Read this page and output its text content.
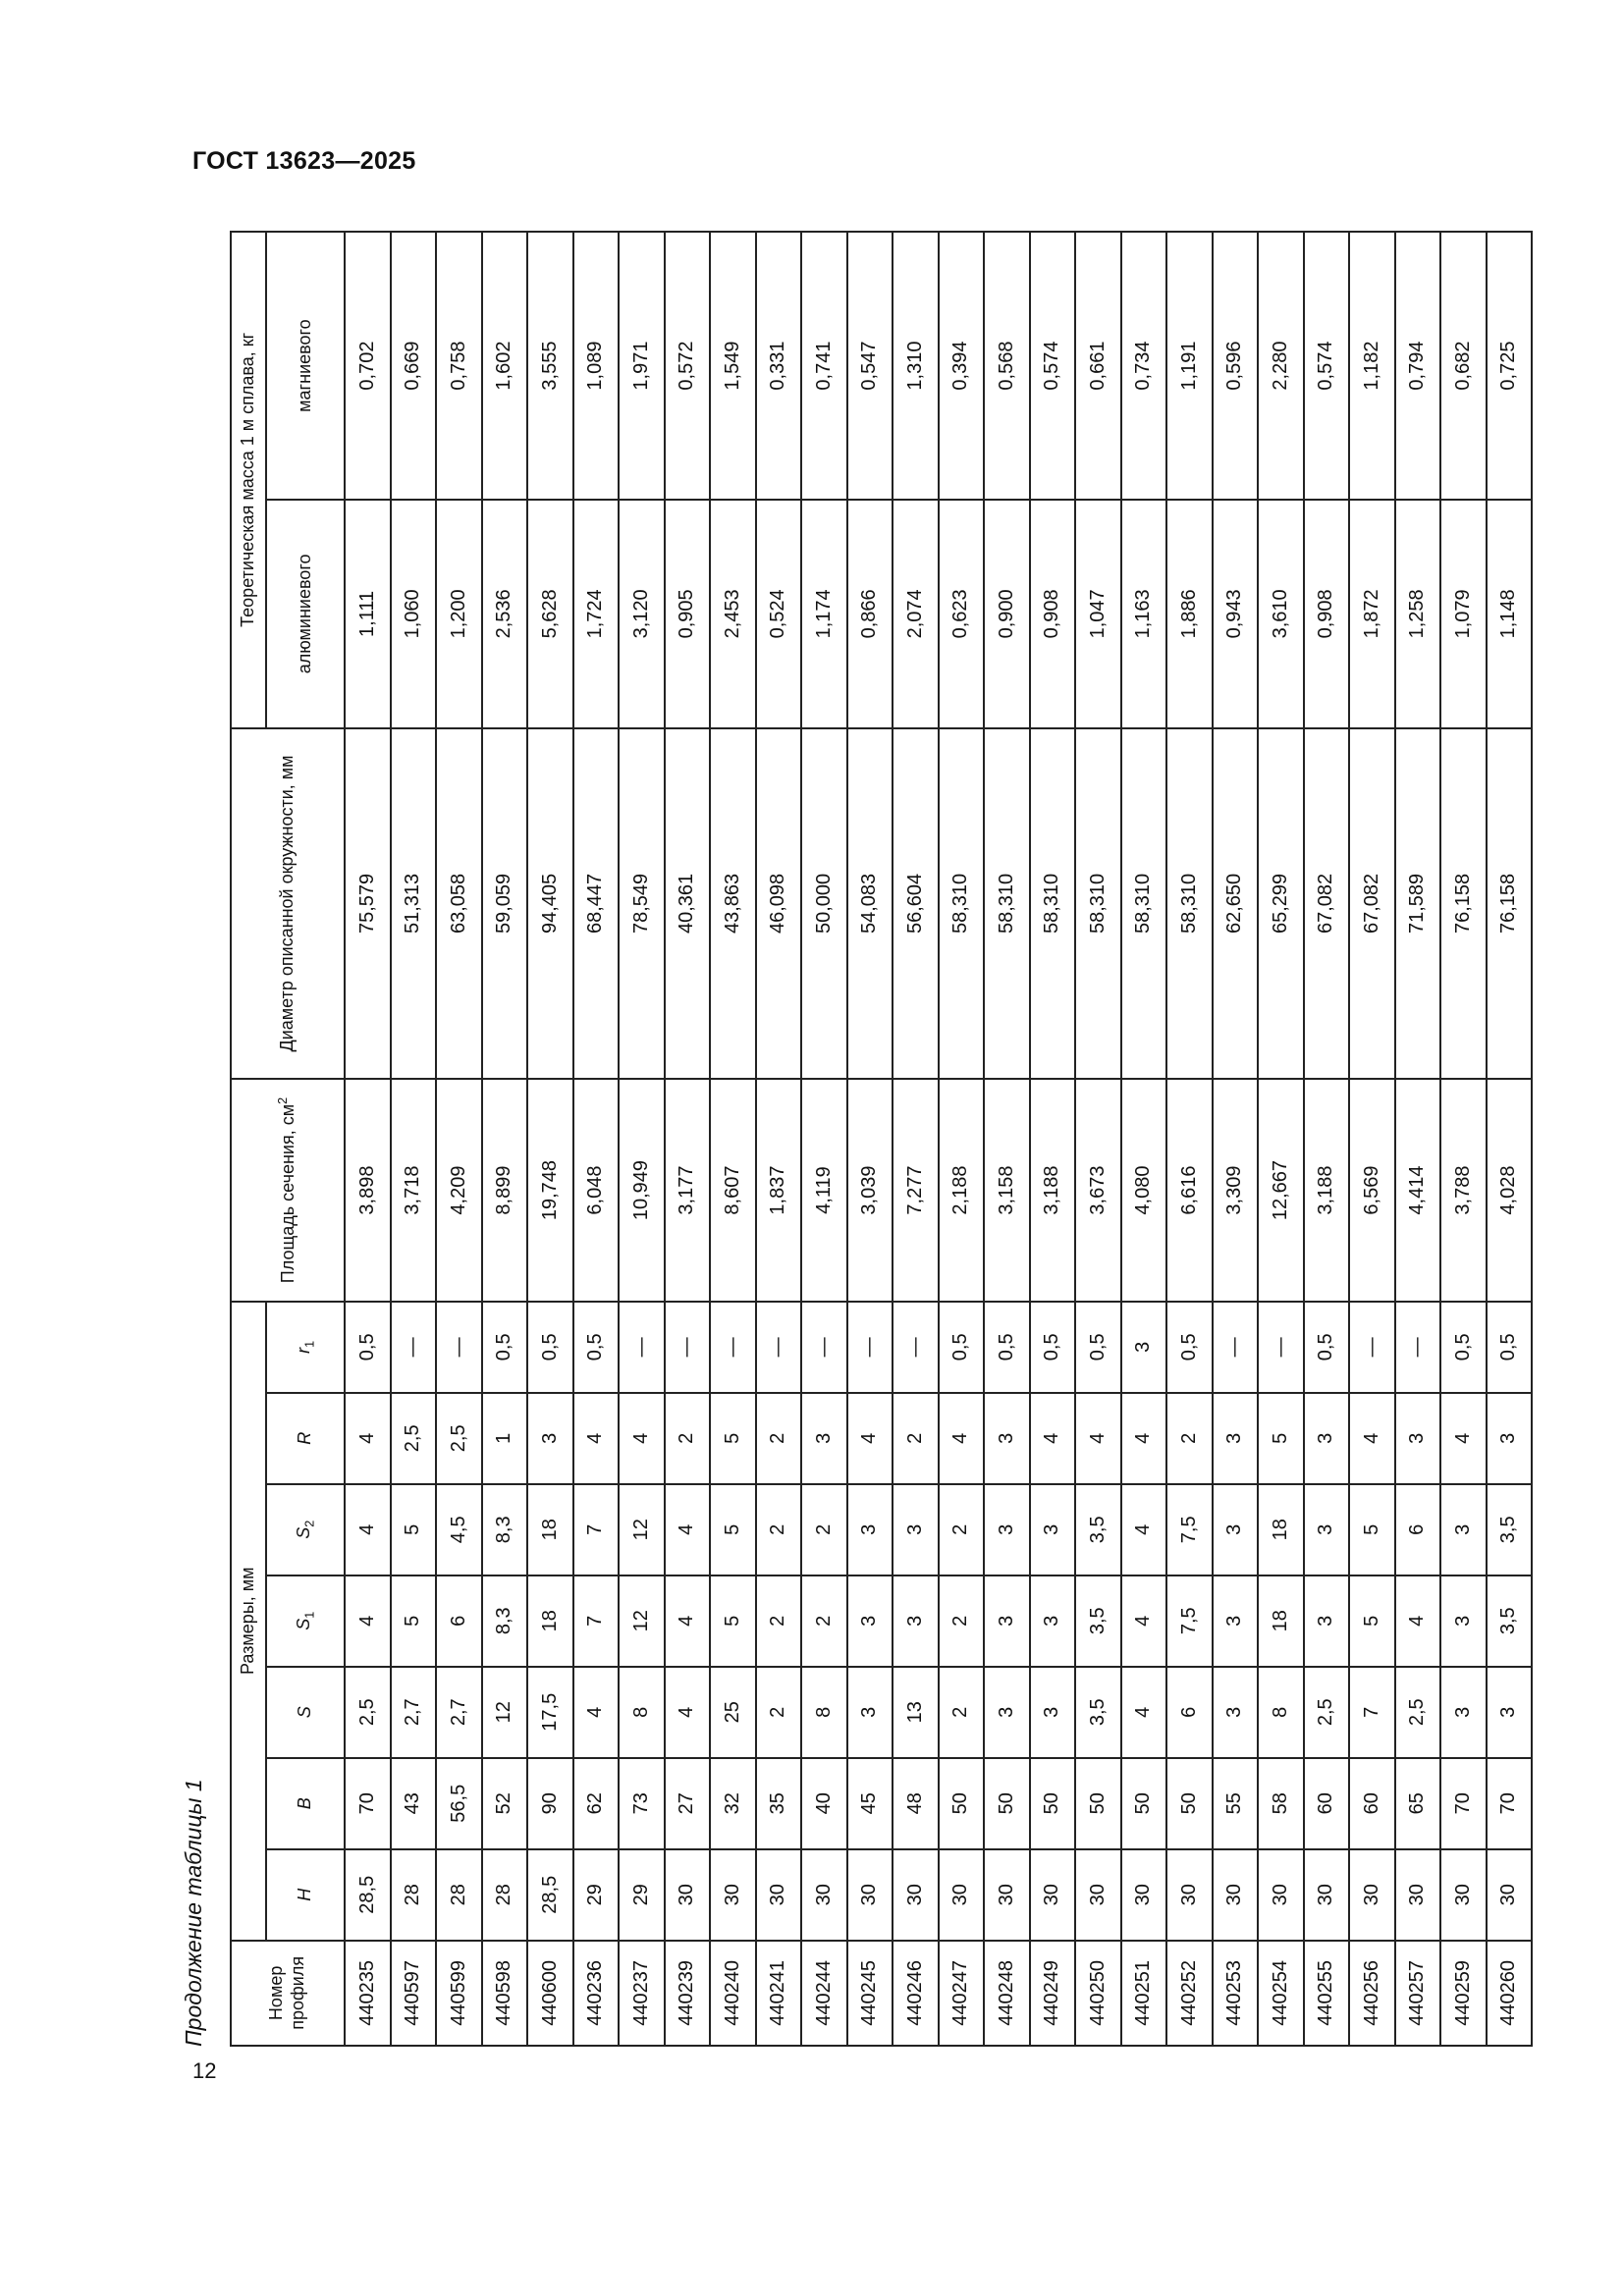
ГОСТ 13623—2025
Продолжение таблицы 1	Номер профиля	Размеры, мм							Площадь сечения, $см^2$	Диаметр описанной окружности, мм	Теоретическая масса 1 м сплава, кг	
	H	B	S	$S_1$	$S_2$	R	$r_1$			алюминиевого	магниевого
440235	28,5	70	2,5	4	4	4	0,5	3,898	75,579	1,111	0,702
440597	28	43	2,7	5	5	2,5	—	3,718	51,313	1,060	0,669
440599	28	56,5	2,7	6	4,5	2,5	—	4,209	63,058	1,200	0,758
440598	28	52	12	8,3	8,3	1	0,5	8,899	59,059	2,536	1,602
440600	28,5	90	17,5	18	18	3	0,5	19,748	94,405	5,628	3,555
440236	29	62	4	7	7	4	0,5	6,048	68,447	1,724	1,089
440237	29	73	8	12	12	4	—	10,949	78,549	3,120	1,971
440239	30	27	4	4	4	2	—	3,177	40,361	0,905	0,572
440240	30	32	25	5	5	5	—	8,607	43,863	2,453	1,549
440241	30	35	2	2	2	2	—	1,837	46,098	0,524	0,331
440244	30	40	8	2	2	3	—	4,119	50,000	1,174	0,741
440245	30	45	3	3	3	4	—	3,039	54,083	0,866	0,547
440246	30	48	13	3	3	2	—	7,277	56,604	2,074	1,310
440247	30	50	2	2	2	4	0,5	2,188	58,310	0,623	0,394
440248	30	50	3	3	3	3	0,5	3,158	58,310	0,900	0,568
440249	30	50	3	3	3	4	0,5	3,188	58,310	0,908	0,574
440250	30	50	3,5	3,5	3,5	4	0,5	3,673	58,310	1,047	0,661
440251	30	50	4	4	4	4	3	4,080	58,310	1,163	0,734
440252	30	50	6	7,5	7,5	2	0,5	6,616	58,310	1,886	1,191
440253	30	55	3	3	3	3	—	3,309	62,650	0,943	0,596
440254	30	58	8	18	18	5	—	12,667	65,299	3,610	2,280
440255	30	60	2,5	3	3	3	0,5	3,188	67,082	0,908	0,574
440256	30	60	7	5	5	4	—	6,569	67,082	1,872	1,182
440257	30	65	2,5	4	6	3	—	4,414	71,589	1,258	0,794
440259	30	70	3	3	3	4	0,5	3,788	76,158	1,079	0,682
440260	30	70	3	3,5	3,5	3	0,5	4,028	76,158	1,148	0,725
12
